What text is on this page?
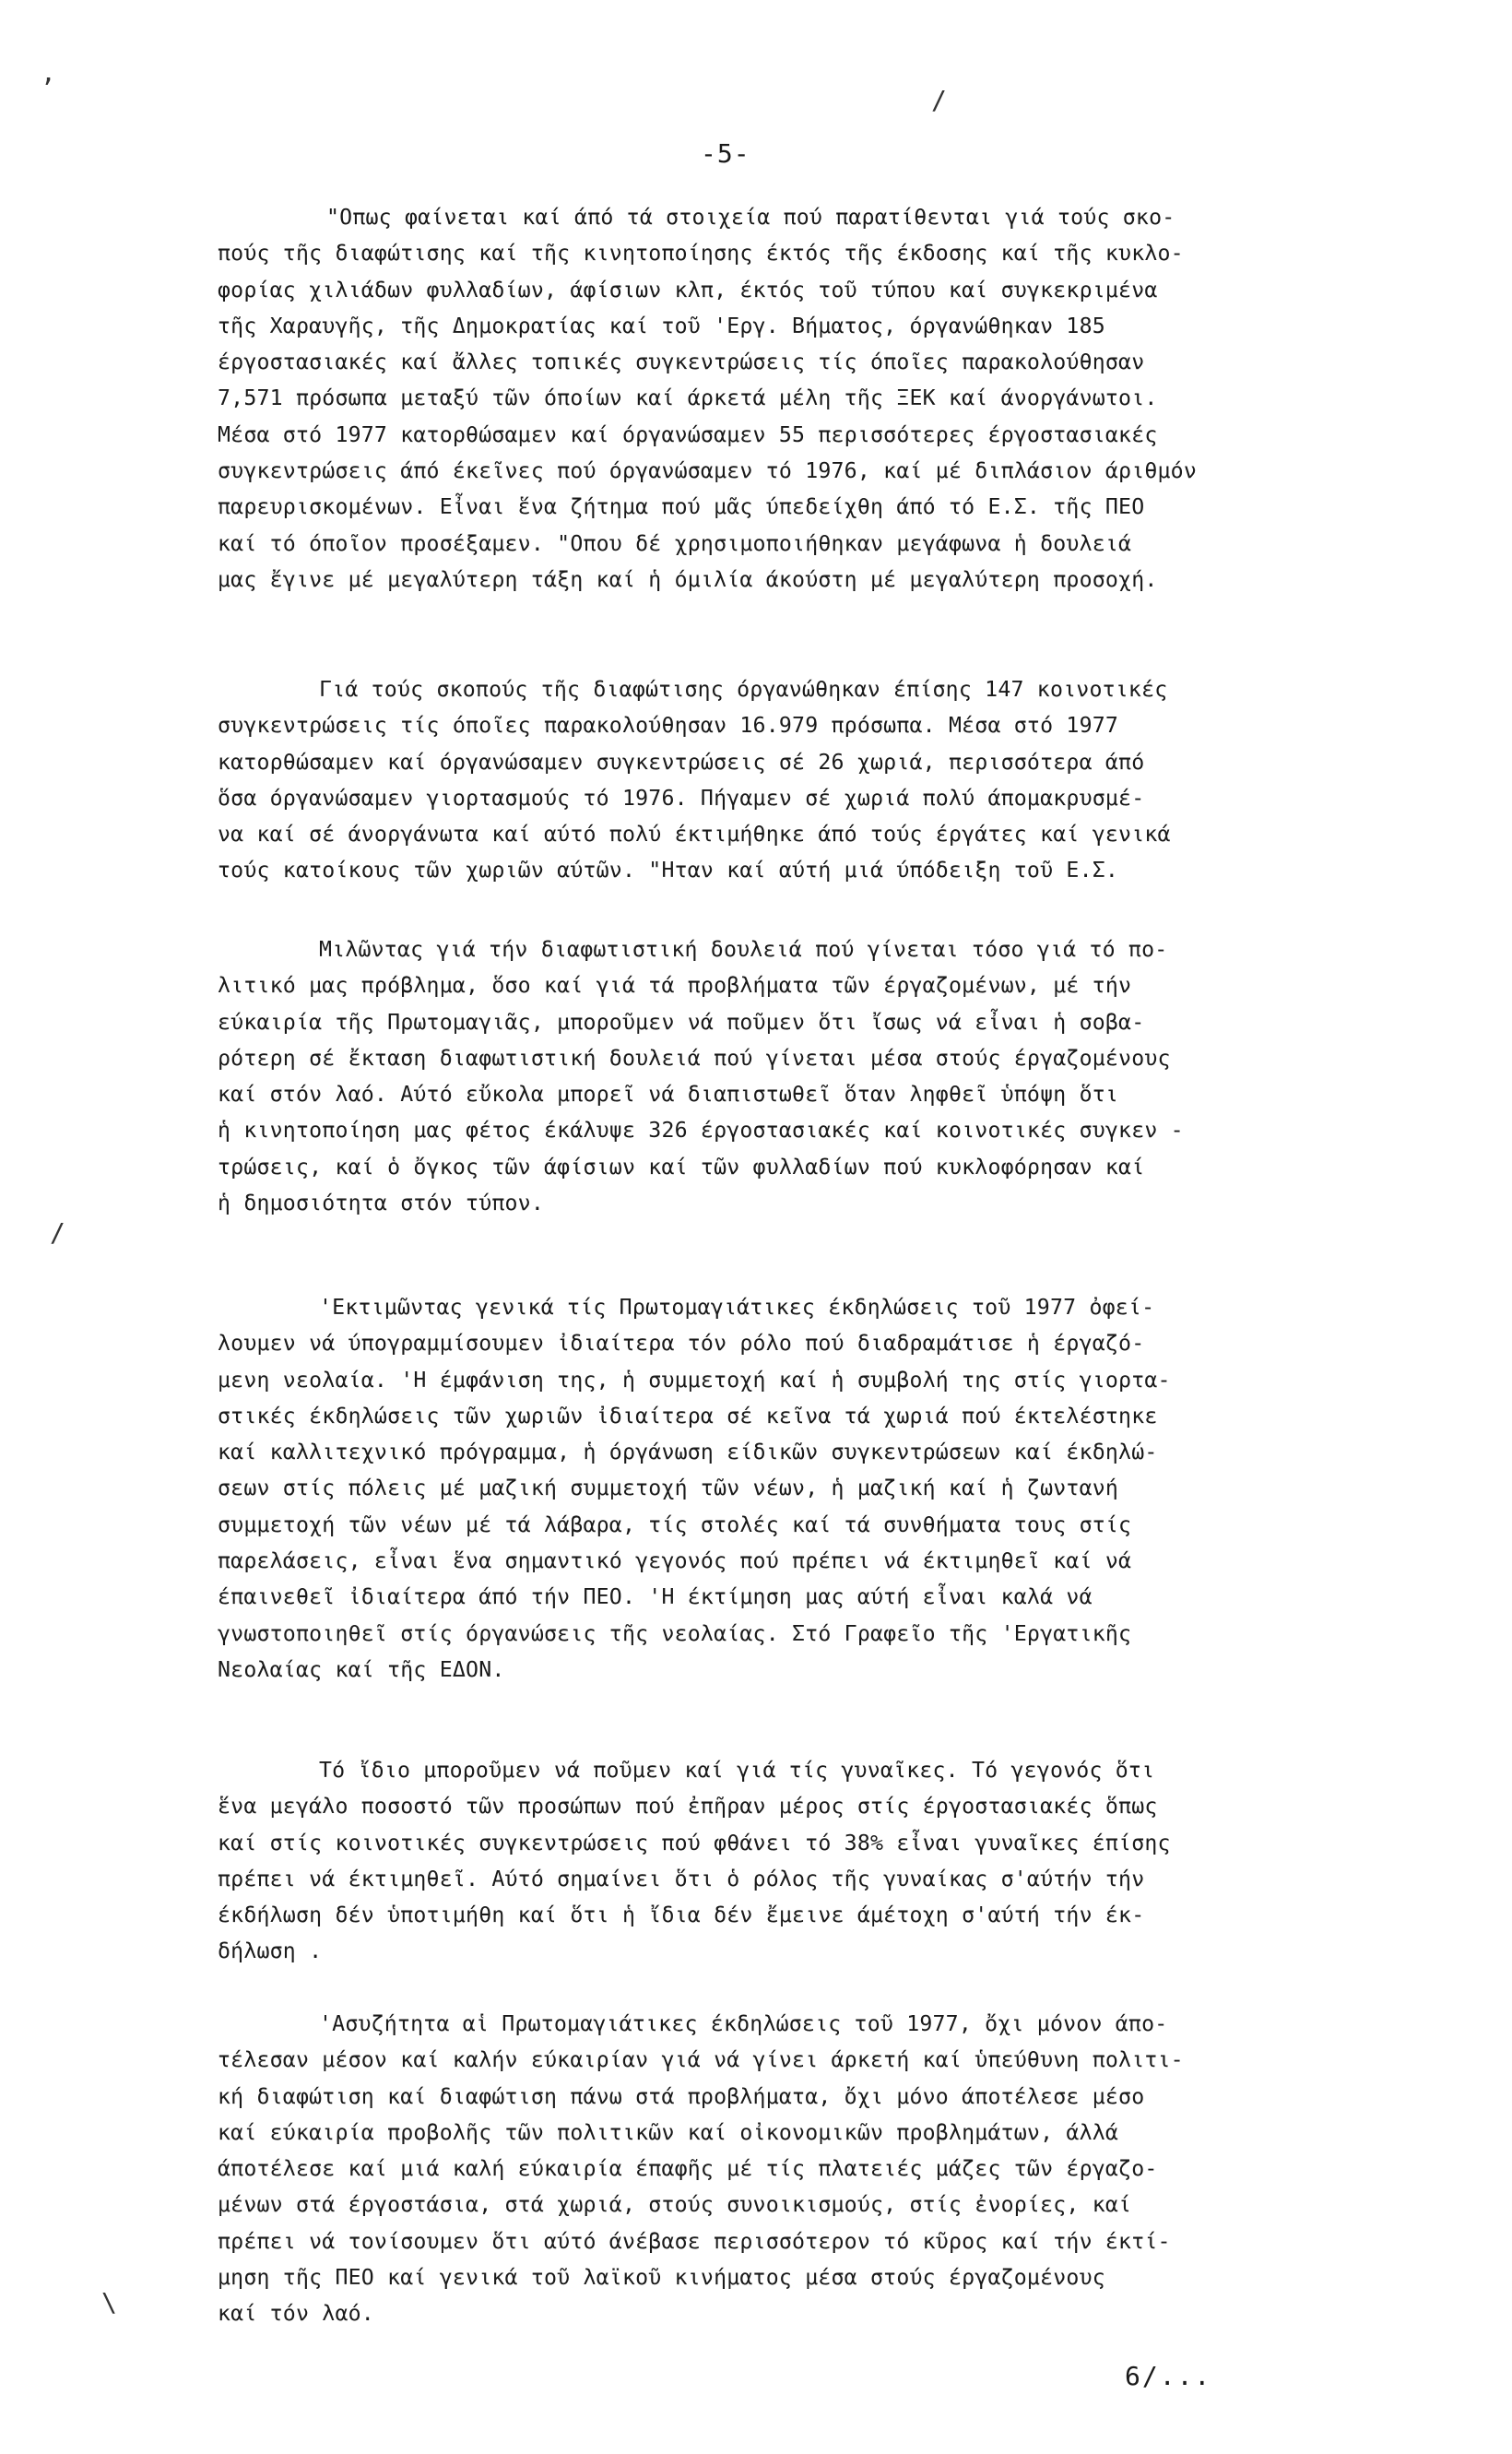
-5-
,
/
/
\
"Οπως φαίνεται καί άπό τά στοιχεία πού παρατίθενται γιά τούς σκο-
πούς τῆς διαφώτισης καί τῆς κινητοποίησης έκτός τῆς έκδοσης καί τῆς κυκλο-
φορίας χιλιάδων φυλλαδίων, άφίσιων κλπ, έκτός τοῦ τύπου καί συγκεκριμένα
τῆς Χαραυγῆς, τῆς Δημοκρατίας καί τοῦ 'Εργ. Βήματος, όργανώθηκαν 185
έργοστασιακές καί ἄλλες τοπικές συγκεντρώσεις τίς όποῖες παρακολούθησαν
7,571 πρόσωπα μεταξύ τῶν όποίων καί άρκετά μέλη τῆς ΞΕΚ καί άνοργάνωτοι.
Μέσα στό 1977 κατορθώσαμεν καί όργανώσαμεν 55 περισσότερες έργοστασιακές
συγκεντρώσεις άπό έκεῖνες πού όργανώσαμεν τό 1976, καί μέ διπλάσιον άριθμόν
παρευρισκομένων. Εἶναι ἕνα ζήτημα πού μᾶς ύπεδείχθη άπό τό Ε.Σ. τῆς ΠΕΟ
καί τό όποῖον προσέξαμεν. "Οπου δέ χρησιμοποιήθηκαν μεγάφωνα ἡ δουλειά
μας ἔγινε μέ μεγαλύτερη τάξη καί ἡ όμιλία άκούστη μέ μεγαλύτερη προσοχή.
Γιά τούς σκοπούς τῆς διαφώτισης όργανώθηκαν έπίσης 147 κοινοτικές
συγκεντρώσεις τίς όποῖες παρακολούθησαν 16.979 πρόσωπα. Μέσα στό 1977
κατορθώσαμεν καί όργανώσαμεν συγκεντρώσεις σέ 26 χωριά, περισσότερα άπό
ὅσα όργανώσαμεν γιορτασμούς τό 1976. Πήγαμεν σέ χωριά πολύ άπομακρυσμέ-
να καί σέ άνοργάνωτα καί αύτό πολύ έκτιμήθηκε άπό τούς έργάτες καί γενικά
τούς κατοίκους τῶν χωριῶν αύτῶν. "Ηταν καί αύτή μιά ύπόδειξη τοῦ Ε.Σ.
Μιλῶντας γιά τήν διαφωτιστική δουλειά πού γίνεται τόσο γιά τό πο-
λιτικό μας πρόβλημα, ὅσο καί γιά τά προβλήματα τῶν έργαζομένων, μέ τήν
εύκαιρία τῆς Πρωτομαγιᾶς, μποροῦμεν νά ποῦμεν ὅτι ἴσως νά εἶναι ἡ σοβα-
ρότερη σέ ἔκταση διαφωτιστική δουλειά πού γίνεται μέσα στούς έργαζομένους
καί στόν λαό. Αύτό εὔκολα μπορεῖ νά διαπιστωθεῖ ὅταν ληφθεῖ ὑπόψη ὅτι
ἡ κινητοποίηση μας φέτος έκάλυψε 326 έργοστασιακές καί κοινοτικές συγκεν -
τρώσεις, καί ὁ ὄγκος τῶν άφίσιων καί τῶν φυλλαδίων πού κυκλοφόρησαν καί
ἡ δημοσιότητα στόν τύπον.
'Εκτιμῶντας γενικά τίς Πρωτομαγιάτικες έκδηλώσεις τοῦ 1977 ὀφεί-
λουμεν νά ύπογραμμίσουμεν ἰδιαίτερα τόν ρόλο πού διαδραμάτισε ἡ έργαζό-
μενη νεολαία. 'Η έμφάνιση της, ἡ συμμετοχή καί ἡ συμβολή της στίς γιορτα-
στικές έκδηλώσεις τῶν χωριῶν ἰδιαίτερα σέ κεῖνα τά χωριά πού έκτελέστηκε
καί καλλιτεχνικό πρόγραμμα, ἡ όργάνωση είδικῶν συγκεντρώσεων καί έκδηλώ-
σεων στίς πόλεις μέ μαζική συμμετοχή τῶν νέων, ἡ μαζική καί ἡ ζωντανή
συμμετοχή τῶν νέων μέ τά λάβαρα, τίς στολές καί τά συνθήματα τους στίς
παρελάσεις, εἶναι ἕνα σημαντικό γεγονός πού πρέπει νά έκτιμηθεῖ καί νά
έπαινεθεῖ ἰδιαίτερα άπό τήν ΠΕΟ. 'Η έκτίμηση μας αύτή εἶναι καλά νά
γνωστοποιηθεῖ στίς όργανώσεις τῆς νεολαίας. Στό Γραφεῖο τῆς 'Εργατικῆς
Νεολαίας καί τῆς ΕΔΟΝ.
Τό ἴδιο μποροῦμεν νά ποῦμεν καί γιά τίς γυναῖκες. Τό γεγονός ὅτι
ἕνα μεγάλο ποσοστό τῶν προσώπων πού ἐπῆραν μέρος στίς έργοστασιακές ὅπως
καί στίς κοινοτικές συγκεντρώσεις πού φθάνει τό 38% εἶναι γυναῖκες έπίσης
πρέπει νά έκτιμηθεῖ. Αύτό σημαίνει ὅτι ὁ ρόλος τῆς γυναίκας σ'αύτήν τήν
έκδήλωση δέν ὑποτιμήθη καί ὅτι ἡ ἴδια δέν ἔμεινε άμέτοχη σ'αύτή τήν έκ-
δήλωση .
'Ασυζήτητα αἱ Πρωτομαγιάτικες έκδηλώσεις τοῦ 1977, ὄχι μόνον άπο-
τέλεσαν μέσον καί καλήν εύκαιρίαν γιά νά γίνει άρκετή καί ὑπεύθυνη πολιτι-
κή διαφώτιση καί διαφώτιση πάνω στά προβλήματα, ὄχι μόνο άποτέλεσε μέσο
καί εύκαιρία προβολῆς τῶν πολιτικῶν καί οἰκονομικῶν προβλημάτων, άλλά
άποτέλεσε καί μιά καλή εύκαιρία έπαφῆς μέ τίς πλατειές μάζες τῶν έργαζο-
μένων στά έργοστάσια, στά χωριά, στούς συνοικισμούς, στίς ἐνορίες, καί
πρέπει νά τονίσουμεν ὅτι αύτό άνέβασε περισσότερον τό κῦρος καί τήν έκτί-
μηση τῆς ΠΕΟ καί γενικά τοῦ λαϊκοῦ κινήματος μέσα στούς έργαζομένους
καί τόν λαό.
6/...
